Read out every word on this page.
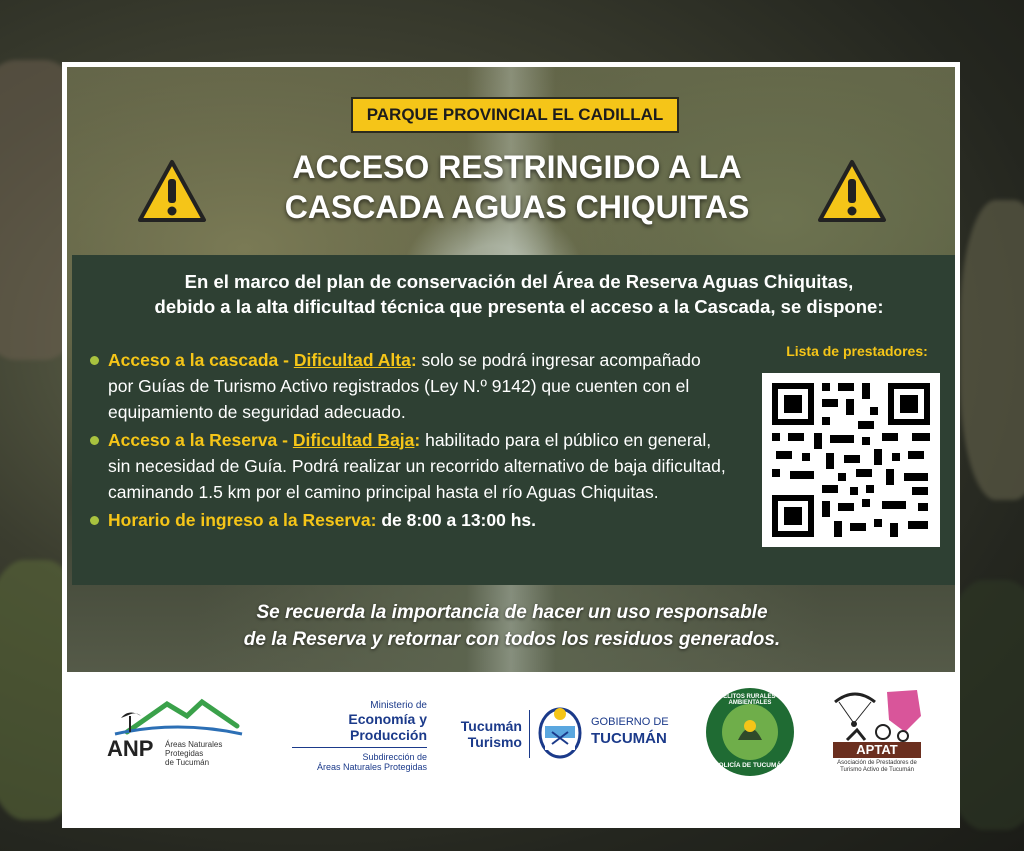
PARQUE PROVINCIAL EL CADILLAL
ACCESO RESTRINGIDO A LA
CASCADA AGUAS CHIQUITAS
En el marco del plan de conservación del Área de Reserva Aguas Chiquitas,
debido a la alta dificultad técnica que presenta el acceso a la Cascada, se dispone:
Acceso a la cascada - Dificultad Alta: solo se podrá ingresar acompañado por Guías de Turismo Activo registrados (Ley N.º 9142) que cuenten con el equipamiento de seguridad adecuado.
Acceso a la Reserva - Dificultad Baja: habilitado para el público en general, sin necesidad de Guía. Podrá realizar un recorrido alternativo de baja dificultad, caminando 1.5 km por el camino principal hasta el río Aguas Chiquitas.
Horario de ingreso a la Reserva: de 8:00 a 13:00 hs.
Lista de prestadores:
Se recuerda la importancia de hacer un uso responsable
de la Reserva y retornar con todos los residuos generados.
ANP Áreas Naturales
Protegidas
de Tucumán
Ministerio de
Economía y Producción
Subdirección de
Áreas Naturales Protegidas
Tucumán
Turismo
GOBIERNO DE
TUCUMÁN
DELITOS RURALES Y AMBIENTALES
POLICÍA DE TUCUMÁN
APTAT
Asociación de Prestadores de
Turismo Activo de Tucumán
